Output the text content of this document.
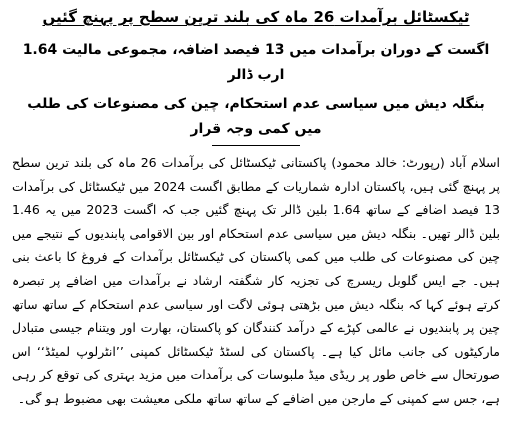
ٹیکسٹائل برآمدات 26 ماہ کی بلند ترین سطح پر پہنچ گئیں

اگست کے دوران برآمدات میں 13 فیصد اضافہ، مجموعی مالیت 1.64 ارب ڈالر

بنگلہ دیش میں سیاسی عدم استحکام، چین کی مصنوعات کی طلب میں کمی وجہ قرار

اسلام آباد (رپورٹ: خالد محمود) پاکستانی ٹیکسٹائل کی برآمدات 26 ماہ کی بلند ترین سطح پر پہنچ گئی ہیں، پاکستان ادارہ شماریات کے مطابق اگست 2024 میں ٹیکسٹائل کی برآمدات 13 فیصد اضافے کے ساتھ 1.64 بلین ڈالر تک پہنچ گئیں جب کہ اگست 2023 میں یہ 1.46 بلین ڈالر تھیں۔ بنگلہ دیش میں سیاسی عدم استحکام اور بین الاقوامی پابندیوں کے نتیجے میں چین کی مصنوعات کی طلب میں کمی پاکستان کی ٹیکسٹائل برآمدات کے فروغ کا باعث بنی ہیں۔ جے ایس گلوبل ریسرچ کی تجزیہ کار شگفتہ ارشاد نے برآمدات میں اضافے پر تبصرہ کرتے ہوئے کہا کہ بنگلہ دیش میں بڑھتی ہوئی لاگت اور سیاسی عدم استحکام کے ساتھ ساتھ چین پر پابندیوں نے عالمی کپڑے کے درآمد کنندگان کو پاکستان، بھارت اور ویتنام جیسی متبادل مارکیٹوں کی جانب مائل کیا ہے۔ پاکستان کی لسٹڈ ٹیکسٹائل کمپنی ’’انٹرلوپ لمیٹڈ‘‘ اس صورتحال سے خاص طور پر ریڈی میڈ ملبوسات کی برآمدات میں مزید بہتری کی توقع کر رہی ہے، جس سے کمپنی کے مارجن میں اضافے کے ساتھ ساتھ ملکی معیشت بھی مضبوط ہو گی۔
